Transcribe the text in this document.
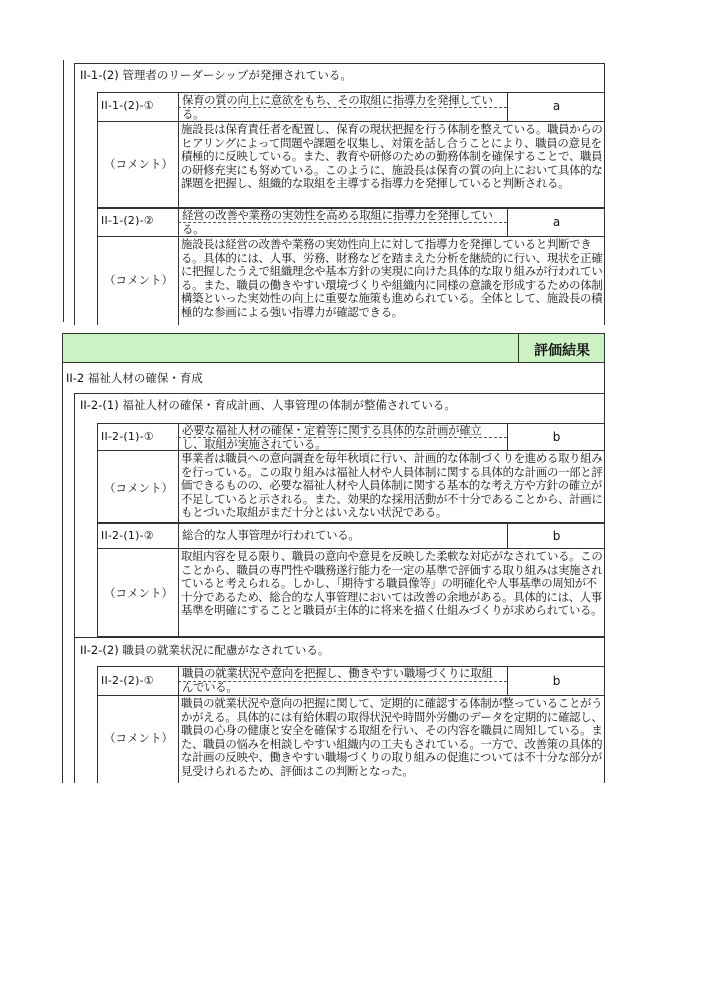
II-1-(2) 管理者のリーダーシップが発揮されている。
II-1-(2)-① 保育の質の向上に意欲をもち、その取組に指導力を発揮している。
a
（コメント）
施設長は保育責任者を配置し、保育の現状把握を行う体制を整えている。職員からのヒアリングによって問題や課題を収集し、対策を話し合うことにより、職員の意見を積極的に反映している。また、教育や研修のための勤務体制を確保することで、職員の研修充実にも努めている。このように、施設長は保育の質の向上において具体的な課題を把握し、組織的な取組を主導する指導力を発揮していると判断される。
II-1-(2)-② 経営の改善や業務の実効性を高める取組に指導力を発揮している。	a
（コメント）
施設長は経営の改善や業務の実効性向上に対して指導力を発揮していると判断できる。具体的には、人事、労務、財務などを踏まえた分析を継続的に行い、現状を正確に把握したうえで組織理念や基本方針の実現に向けた具体的な取り組みが行われている。また、職員の働きやすい環境づくりや組織内に同様の意識を形成するための体制構築といった実効性の向上に重要な施策も進められている。全体として、施設長の積極的な参画による強い指導力が確認できる。
評価結果
II-2 福祉人材の確保・育成
II-2-(1) 福祉人材の確保・育成計画、人事管理の体制が整備されている。
II-2-(1)-① 必要な福祉人材の確保・定着等に関する具体的な計画が確立し、取組が実施されている。	b
（コメント）
事業者は職員への意向調査を毎年秋頃に行い、計画的な体制づくりを進める取り組みを行っている。この取り組みは福祉人材や人員体制に関する具体的な計画の一部と評価できるものの、必要な福祉人材や人員体制に関する基本的な考え方や方針の確立が不足していると示される。また、効果的な採用活動が不十分であることから、計画にもとづいた取組がまだ十分とはいえない状況である。
II-2-(1)-② 総合的な人事管理が行われている。	b
（コメント）
取組内容を見る限り、職員の意向や意見を反映した柔軟な対応がなされている。このことから、職員の専門性や職務遂行能力を一定の基準で評価する取り組みは実施されていると考えられる。しかし、「期待する職員像等」の明確化や人事基準の周知が不十分であるため、総合的な人事管理においては改善の余地がある。具体的には、人事基準を明確にすることと職員が主体的に将来を描く仕組みづくりが求められている。
II-2-(2) 職員の就業状況に配慮がなされている。
II-2-(2)-①
職員の就業状況や意向を把握し、働きやすい職場づくりに取組んでいる。	b
（コメント）
職員の就業状況や意向の把握に関して、定期的に確認する体制が整っていることがうかがえる。具体的には有給休暇の取得状況や時間外労働のデータを定期的に確認し、職員の心身の健康と安全を確保する取組を行い、その内容を職員に周知している。また、職員の悩みを相談しやすい組織内の工夫もされている。一方で、改善策の具体的な計画の反映や、働きやすい職場づくりの取り組みの促進については不十分な部分が見受けられるため、評価はこの判断となった。
